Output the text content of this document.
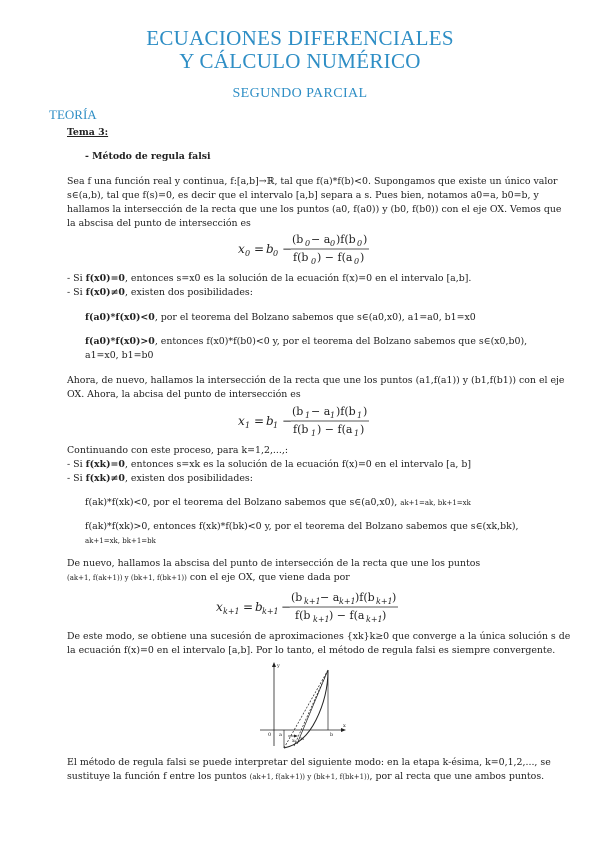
ECUACIONES DIFERENCIALES
Y CÁLCULO NUMÉRICO
SEGUNDO PARCIAL
TEORÍA
Tema 3:
- Método de regula falsi
Sea f una función real y continua, f:[a,b]→ℝ, tal que f(a)*f(b)<0. Supongamos que existe un único valor
s∈(a,b), tal que f(s)=0, es decir que el intervalo [a,b] separa a s. Pues bien, notamos a0=a, b0=b, y
hallamos la intersección de la recta que une los puntos (a0, f(a0)) y (b0, f(b0)) con el eje OX. Vemos que
la abscisa del punto de intersección es
x 0 = b 0 −
(b 0 − a 0 )f(b 0 )
f(b 0 ) − f(a 0 )
- Si f(x0)=0, entonces s=x0 es la solución de la ecuación f(x)=0 en el intervalo [a,b].
- Si f(x0)≠0, existen dos posibilidades:
f(a0)*f(x0)<0, por el teorema del Bolzano sabemos que s∈(a0,x0), a1=a0, b1=x0
f(a0)*f(x0)>0, entonces f(x0)*f(b0)<0 y, por el teorema del Bolzano sabemos que s∈(x0,b0),
a1=x0, b1=b0
Ahora, de nuevo, hallamos la intersección de la recta que une los puntos (a1,f(a1)) y (b1,f(b1)) con el eje
OX. Ahora, la abcisa del punto de intersección es
x 1 = b 1 −
(b 1 − a 1 )f(b 1 )
f(b 1 ) − f(a 1 )
Continuando con este proceso, para k=1,2,...,:
- Si f(xk)=0, entonces s=xk es la solución de la ecuación f(x)=0 en el intervalo [a, b]
- Si f(xk)≠0, existen dos posibilidades:
f(ak)*f(xk)<0, por el teorema del Bolzano sabemos que s∈(a0,x0), ak+1=ak, bk+1=xk
f(ak)*f(xk)>0, entonces f(xk)*f(bk)<0 y, por el teorema del Bolzano sabemos que s∈(xk,bk),
ak+1=xk, bk+1=bk
De nuevo, hallamos la abscisa del punto de intersección de la recta que une los puntos
(ak+1, f(ak+1)) y (bk+1, f(bk+1)) con el eje OX, que viene dada por
x k+1 = b k+1 −
(b k+1 − a k+1 )f(b k+1 )
f(b k+1 ) − f(a k+1 )
De este modo, se obtiene una sucesión de aproximaciones {xk}k≥0 que converge a la única solución s de
la ecuación f(x)=0 en el intervalo [a,b]. Por lo tanto, el método de regula falsi es siempre convergente.
y
x
0 a	b
x₀ x₁
El método de regula falsi se puede interpretar del siguiente modo: en la etapa k-ésima, k=0,1,2,..., se
sustituye la función f entre los puntos (ak+1, f(ak+1)) y (bk+1, f(bk+1)), por al recta que une ambos puntos.
